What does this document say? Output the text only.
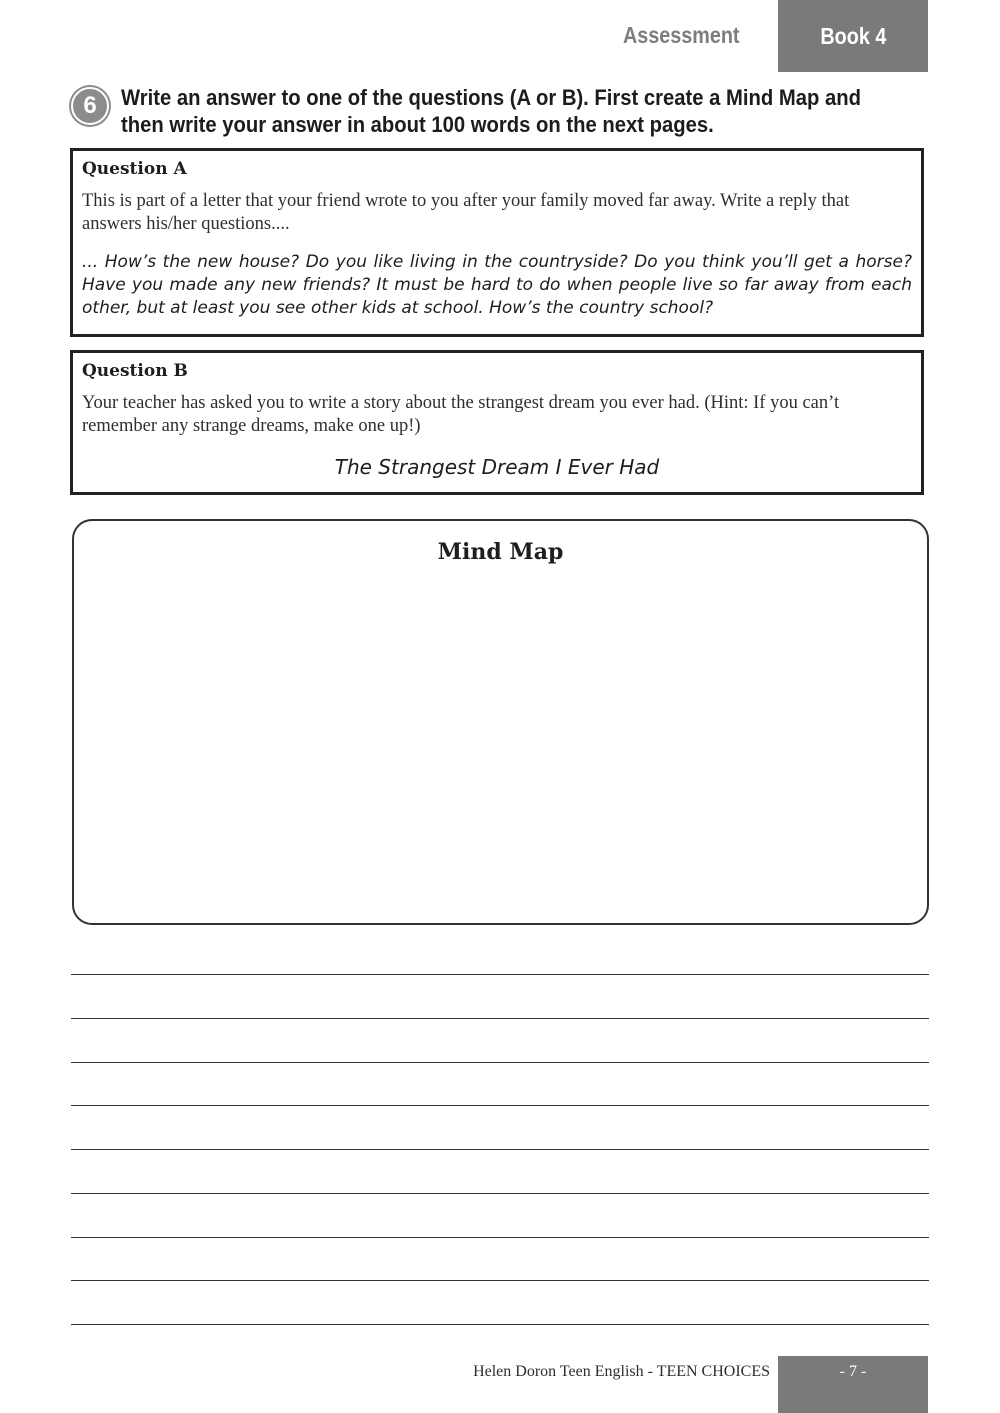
Assessment	Book 4
6	Write an answer to one of the questions (A or B). First create a Mind Map and then write your answer in about 100 words on the next pages.

Question A

This is part of a letter that your friend wrote to you after your family moved far away. Write a reply that answers his/her questions....

... How’s the new house? Do you like living in the countryside? Do you think you’ll get a horse? Have you made any new friends? It must be hard to do when people live so far away from each other, but at least you see other kids at school. How’s the country school?

Question B

Your teacher has asked you to write a story about the strangest dream you ever had. (Hint: If you can’t remember any strange dreams, make one up!)

The Strangest Dream I Ever Had
Mind Map
Helen Doron Teen English - TEEN CHOICES	- 7 -
